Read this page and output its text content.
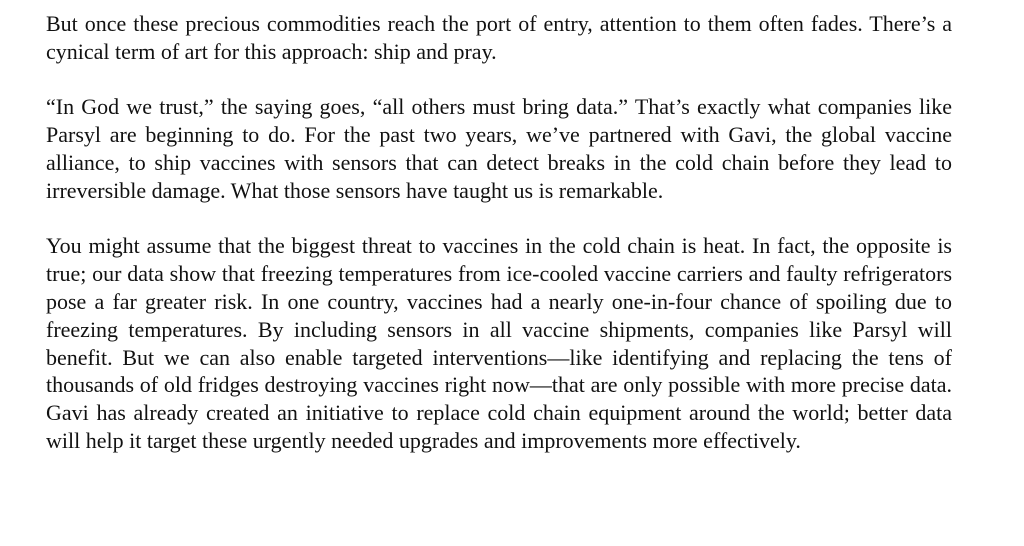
But once these precious commodities reach the port of entry, attention to them often fades. There’s a cynical term of art for this approach: ship and pray.

“In God we trust,” the saying goes, “all others must bring data.” That’s exactly what companies like Parsyl are beginning to do. For the past two years, we’ve partnered with Gavi, the global vaccine alliance, to ship vaccines with sensors that can detect breaks in the cold chain before they lead to irreversible damage. What those sensors have taught us is remarkable.

You might assume that the biggest threat to vaccines in the cold chain is heat. In fact, the opposite is true; our data show that freezing temperatures from ice-cooled vaccine carriers and faulty refrigerators pose a far greater risk. In one country, vaccines had a nearly one-in-four chance of spoiling due to freezing temperatures. By including sensors in all vaccine shipments, companies like Parsyl will benefit. But we can also enable targeted interventions—like identifying and replacing the tens of thousands of old fridges destroying vaccines right now—that are only possible with more precise data. Gavi has already created an initiative to replace cold chain equipment around the world; better data will help it target these urgently needed upgrades and improvements more effectively.
